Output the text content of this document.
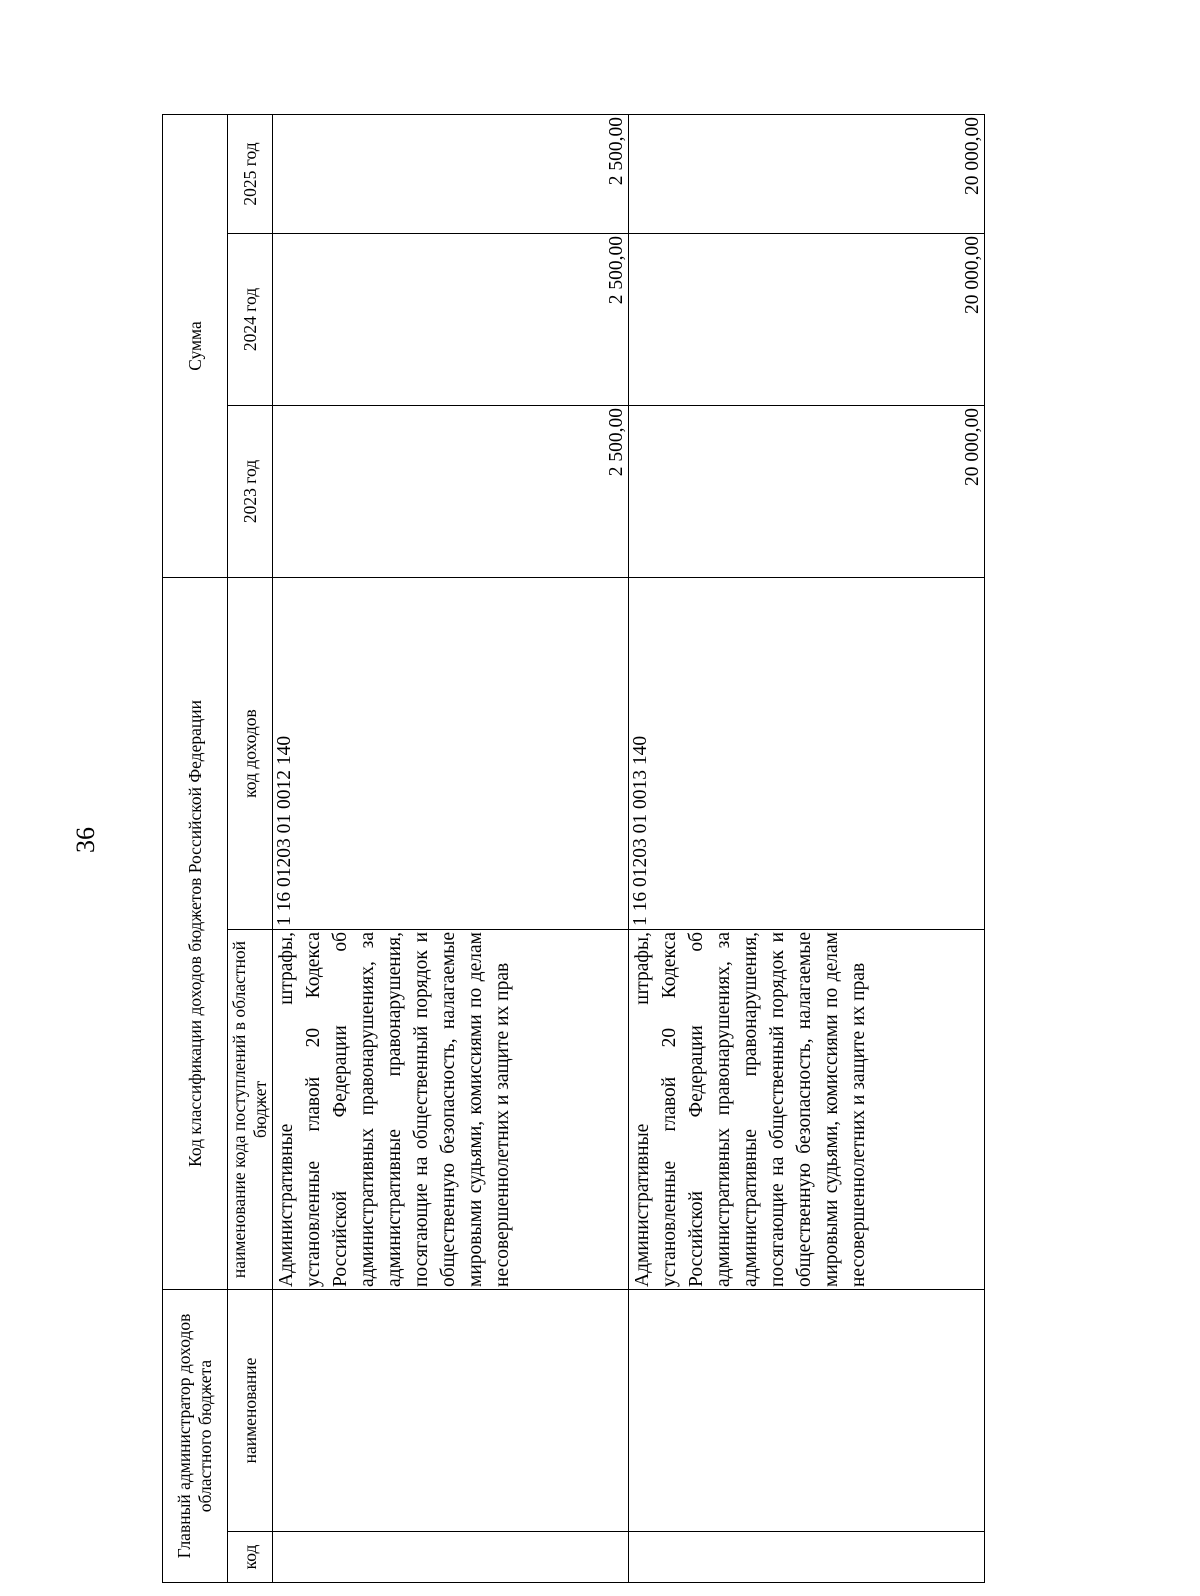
36
Главный администратор доходов областного бюджета		Код классификации доходов бюджетов Российской Федерации		Сумма		
код	наименование	наименование кода поступлений в областной бюджет	код доходов	2023 год	2024 год	2025 год
		Административные штрафы, установленные главой 20 Кодекса Российской Федерации об административных правонарушениях, за административные правонарушения, посягающие на общественный порядок и общественную безопасность, налагаемые мировыми судьями, комиссиями по делам несовершеннолетних и защите их прав	1 16 01203 01 0012 140	2 500,00	2 500,00	2 500,00
		Административные штрафы, установленные главой 20 Кодекса Российской Федерации об административных правонарушениях, за административные правонарушения, посягающие на общественный порядок и общественную безопасность, налагаемые мировыми судьями, комиссиями по делам несовершеннолетних и защите их прав	1 16 01203 01 0013 140	20 000,00	20 000,00	20 000,00
